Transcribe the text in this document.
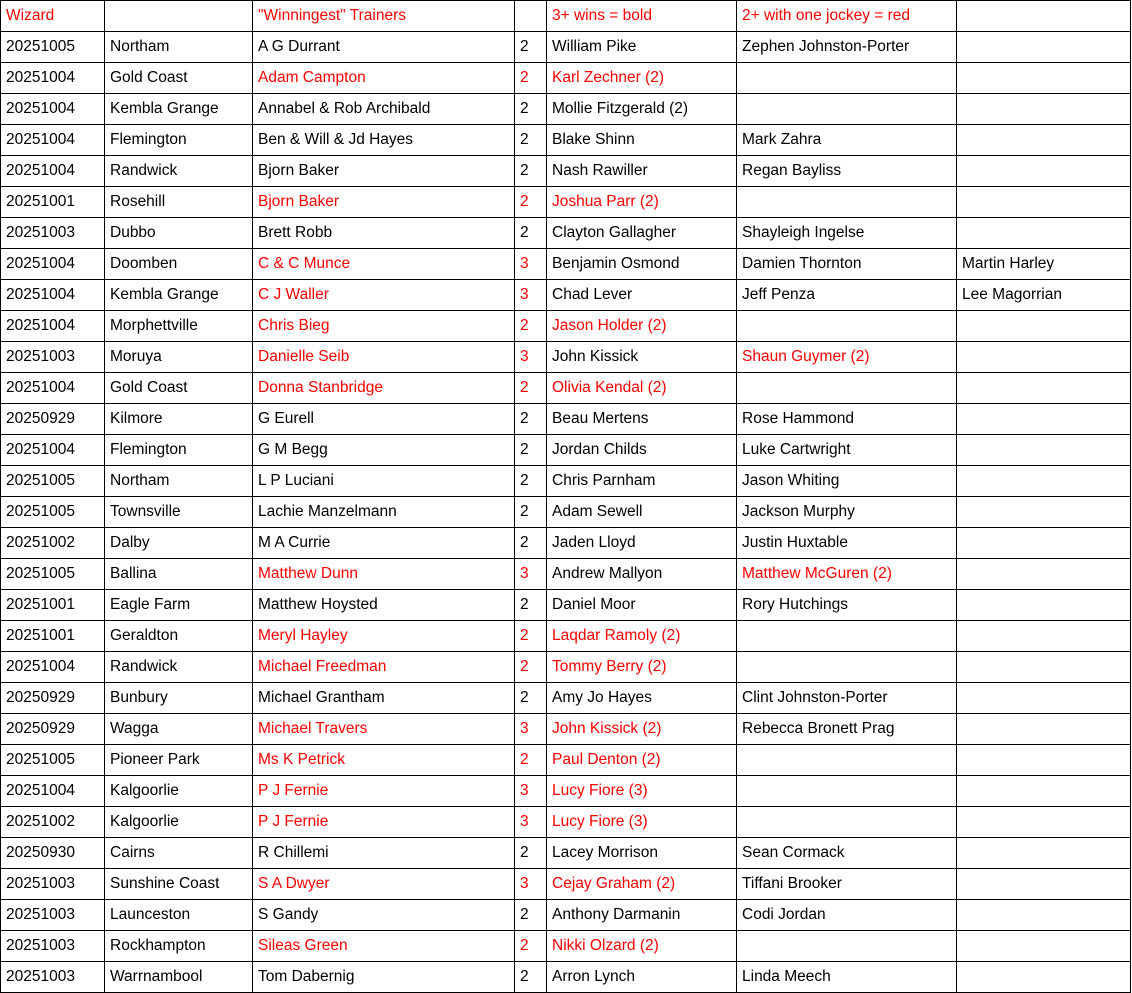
Wizard		"Winningest" Trainers		3+ wins = bold	2+ with one jockey = red	
20251005	Northam	A G Durrant	2	William Pike	Zephen Johnston-Porter	
20251004	Gold Coast	Adam Campton	2	Karl Zechner (2)		
20251004	Kembla Grange	Annabel & Rob Archibald	2	Mollie Fitzgerald (2)		
20251004	Flemington	Ben & Will & Jd Hayes	2	Blake Shinn	Mark Zahra	
20251004	Randwick	Bjorn Baker	2	Nash Rawiller	Regan Bayliss	
20251001	Rosehill	Bjorn Baker	2	Joshua Parr (2)		
20251003	Dubbo	Brett Robb	2	Clayton Gallagher	Shayleigh Ingelse	
20251004	Doomben	C & C Munce	3	Benjamin Osmond	Damien Thornton	Martin Harley
20251004	Kembla Grange	C J Waller	3	Chad Lever	Jeff Penza	Lee Magorrian
20251004	Morphettville	Chris Bieg	2	Jason Holder (2)		
20251003	Moruya	Danielle Seib	3	John Kissick	Shaun Guymer (2)	
20251004	Gold Coast	Donna Stanbridge	2	Olivia Kendal (2)		
20250929	Kilmore	G Eurell	2	Beau Mertens	Rose Hammond	
20251004	Flemington	G M Begg	2	Jordan Childs	Luke Cartwright	
20251005	Northam	L P Luciani	2	Chris Parnham	Jason Whiting	
20251005	Townsville	Lachie Manzelmann	2	Adam Sewell	Jackson Murphy	
20251002	Dalby	M A Currie	2	Jaden Lloyd	Justin Huxtable	
20251005	Ballina	Matthew Dunn	3	Andrew Mallyon	Matthew McGuren (2)	
20251001	Eagle Farm	Matthew Hoysted	2	Daniel Moor	Rory Hutchings	
20251001	Geraldton	Meryl Hayley	2	Laqdar Ramoly (2)		
20251004	Randwick	Michael Freedman	2	Tommy Berry (2)		
20250929	Bunbury	Michael Grantham	2	Amy Jo Hayes	Clint Johnston-Porter	
20250929	Wagga	Michael Travers	3	John Kissick (2)	Rebecca Bronett Prag	
20251005	Pioneer Park	Ms K Petrick	2	Paul Denton (2)		
20251004	Kalgoorlie	P J Fernie	3	Lucy Fiore (3)		
20251002	Kalgoorlie	P J Fernie	3	Lucy Fiore (3)		
20250930	Cairns	R Chillemi	2	Lacey Morrison	Sean Cormack	
20251003	Sunshine Coast	S A Dwyer	3	Cejay Graham (2)	Tiffani Brooker	
20251003	Launceston	S Gandy	2	Anthony Darmanin	Codi Jordan	
20251003	Rockhampton	Sileas Green	2	Nikki Olzard (2)		
20251003	Warrnambool	Tom Dabernig	2	Arron Lynch	Linda Meech	
